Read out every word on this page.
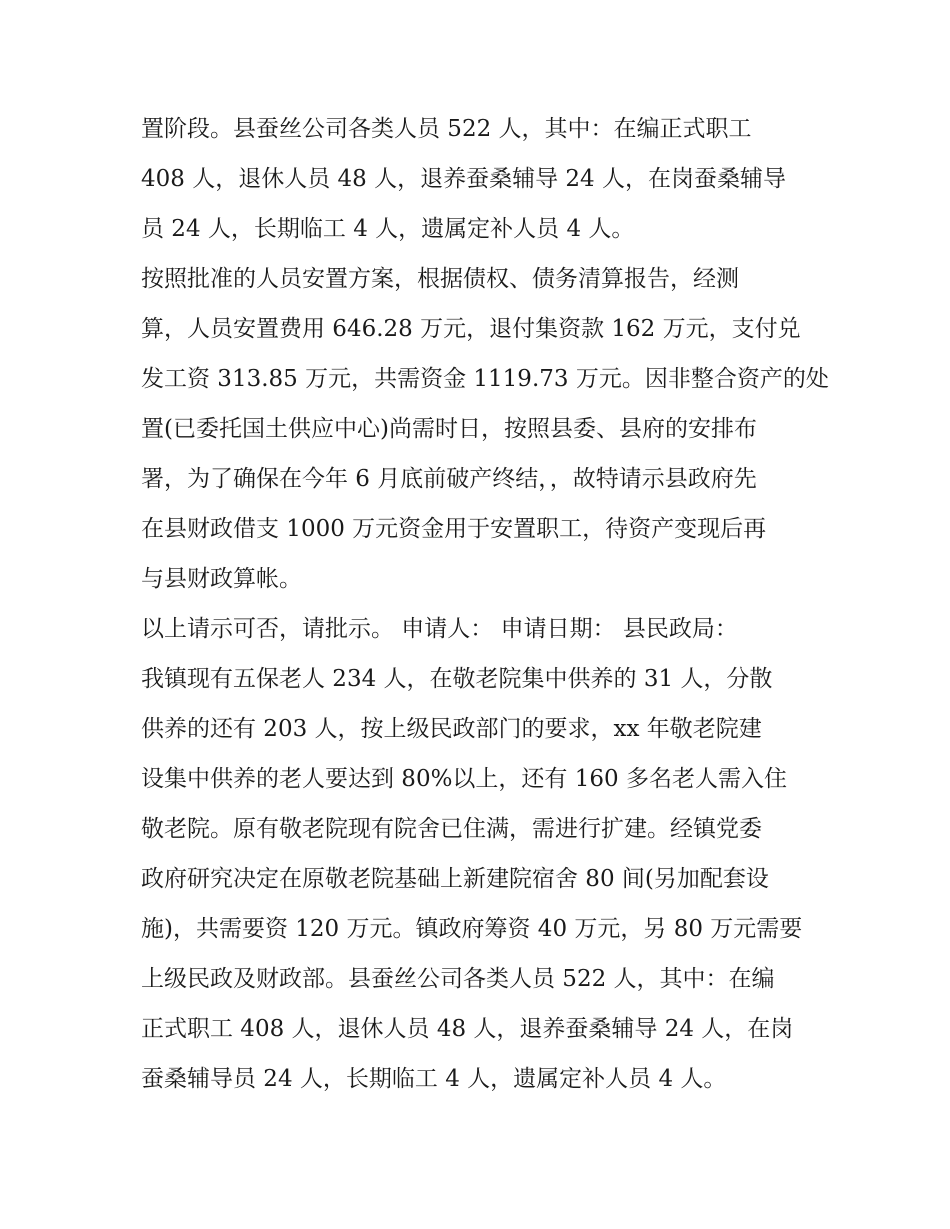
置阶段。县蚕丝公司各类人员 522 人，其中：在编正式职工
408 人，退休人员 48 人，退养蚕桑辅导 24 人，在岗蚕桑辅导
员 24 人，长期临工 4 人，遗属定补人员 4 人。
按照批准的人员安置方案，根据债权、债务清算报告，经测
算，人员安置费用 646.28 万元，退付集资款 162 万元，支付兑
发工资 313.85 万元，共需资金 1119.73 万元。因非整合资产的处
置(已委托国土供应中心)尚需时日，按照县委、县府的安排布
署，为了确保在今年 6 月底前破产终结，，故特请示县政府先
在县财政借支 1000 万元资金用于安置职工，待资产变现后再
与县财政算帐。
以上请示可否，请批示。 申请人： 申请日期： 县民政局：
我镇现有五保老人 234 人，在敬老院集中供养的 31 人，分散
供养的还有 203 人，按上级民政部门的要求，xx 年敬老院建
设集中供养的老人要达到 80%以上，还有 160 多名老人需入住
敬老院。原有敬老院现有院舍已住满，需进行扩建。经镇党委
政府研究决定在原敬老院基础上新建院宿舍 80 间(另加配套设
施)，共需要资 120 万元。镇政府筹资 40 万元，另 80 万元需要
上级民政及财政部。县蚕丝公司各类人员 522 人，其中：在编
正式职工 408 人，退休人员 48 人，退养蚕桑辅导 24 人，在岗
蚕桑辅导员 24 人，长期临工 4 人，遗属定补人员 4 人。
